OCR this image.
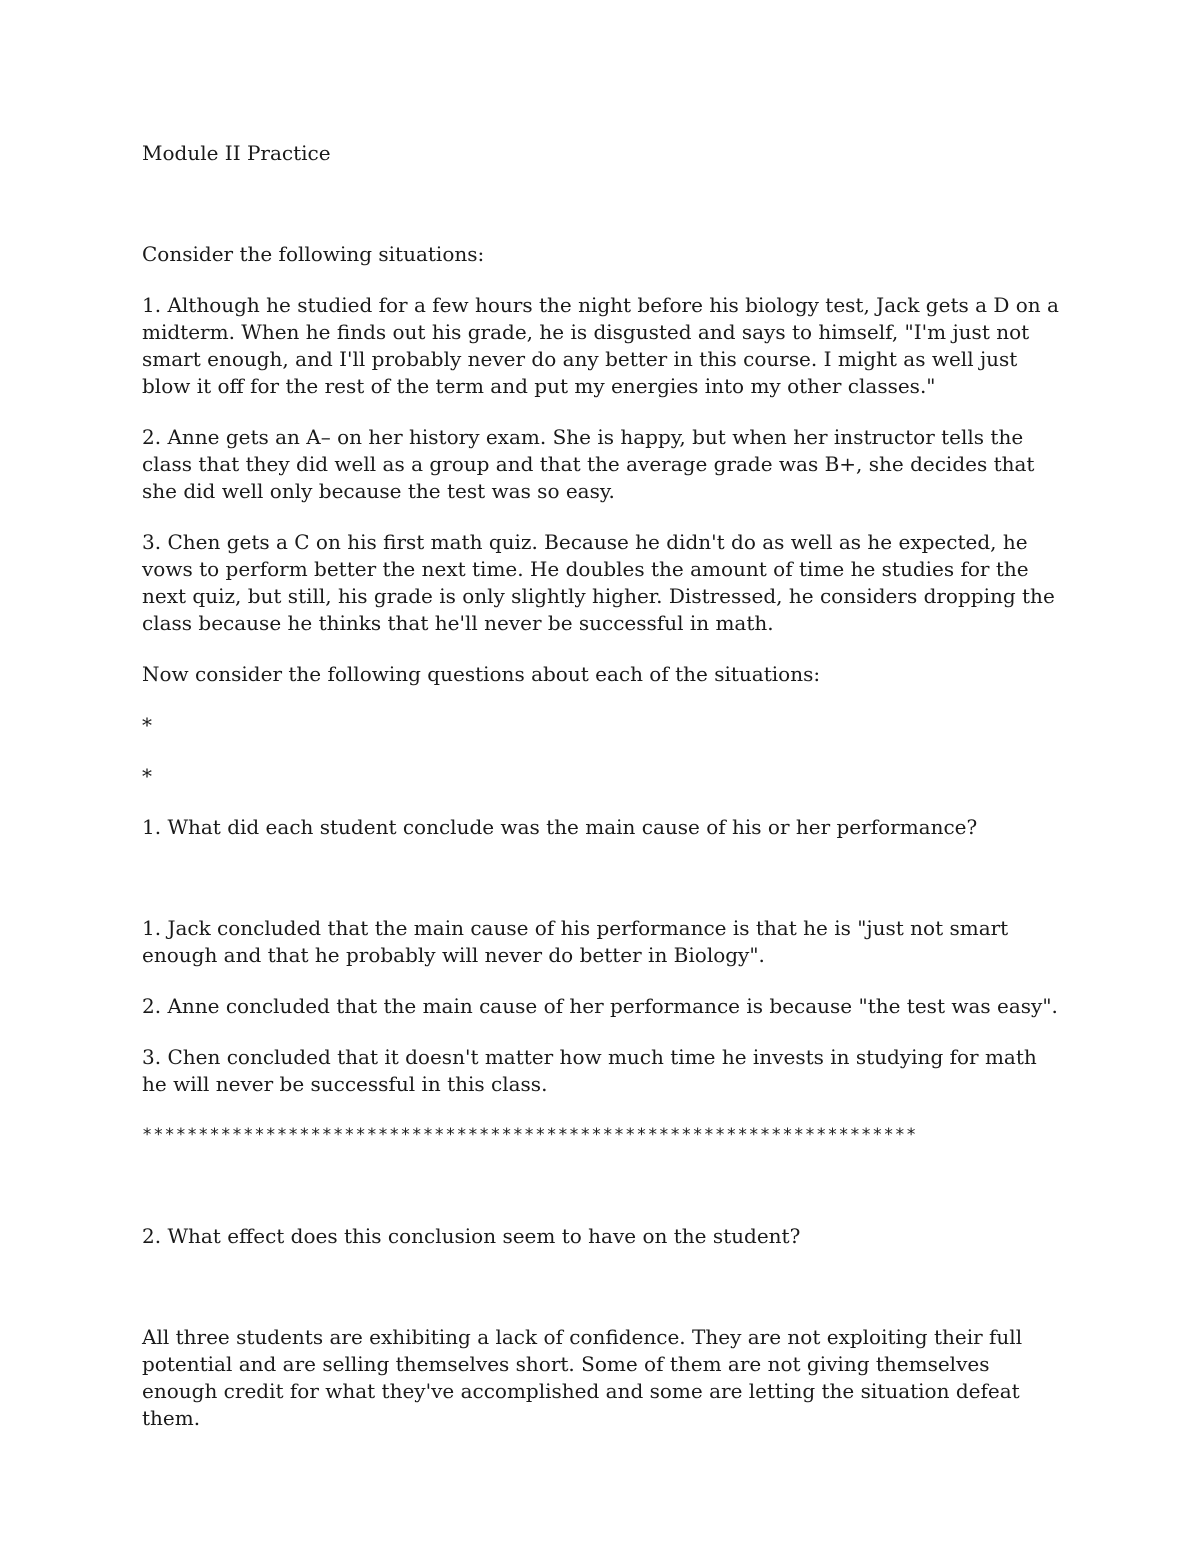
Module II Practice

Consider the following situations:

1. Although he studied for a few hours the night before his biology test, Jack gets a D on a midterm. When he finds out his grade, he is disgusted and says to himself, "I'm just not smart enough, and I'll probably never do any better in this course. I might as well just blow it off for the rest of the term and put my energies into my other classes."

2. Anne gets an A– on her history exam. She is happy, but when her instructor tells the class that they did well as a group and that the average grade was B+, she decides that she did well only because the test was so easy.

3. Chen gets a C on his first math quiz. Because he didn't do as well as he expected, he vows to perform better the next time. He doubles the amount of time he studies for the next quiz, but still, his grade is only slightly higher. Distressed, he considers dropping the class because he thinks that he'll never be successful in math.

Now consider the following questions about each of the situations:

*

*

1. What did each student conclude was the main cause of his or her performance?

1. Jack concluded that the main cause of his performance is that he is "just not smart enough and that he probably will never do better in Biology".

2. Anne concluded that the main cause of her performance is because "the test was easy".

3. Chen concluded that it doesn't matter how much time he invests in studying for math he will never be successful in this class.

*********************************************************************

2. What effect does this conclusion seem to have on the student?

All three students are exhibiting a lack of confidence. They are not exploiting their full potential and are selling themselves short. Some of them are not giving themselves enough credit for what they've accomplished and some are letting the situation defeat them.
